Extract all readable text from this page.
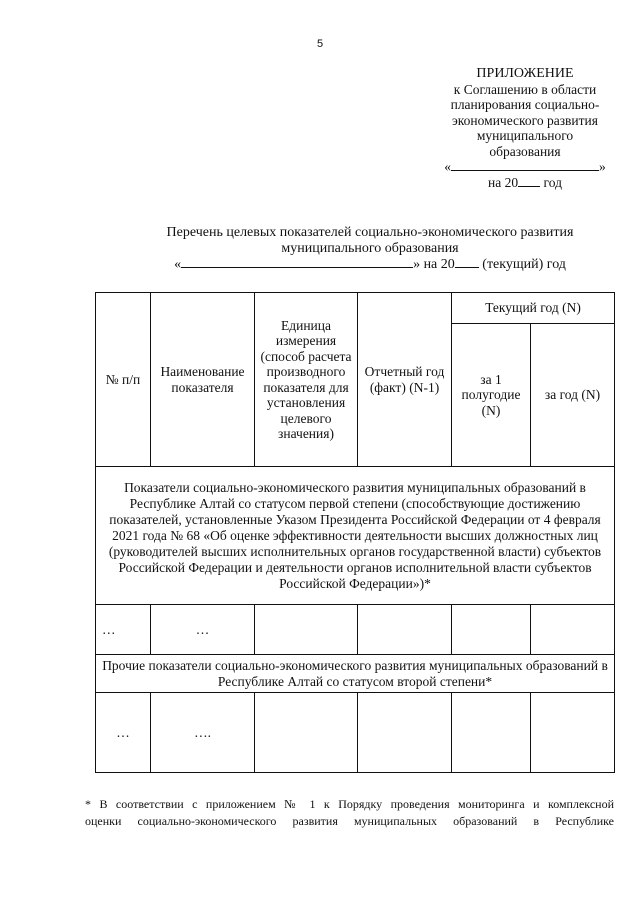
5
ПРИЛОЖЕНИЕ
к Соглашению в области
планирования социально-
экономического развития
муниципального
образования
«	»
на 20 год
Перечень целевых показателей социально-экономического развития
муниципального образования
«	» на 20 (текущий) год
№ п/п	Наименование показателя	Единица измерения (способ расчета производного показателя для установления целевого значения)	Отчетный год (факт) (N-1)	Текущий год (N)	
				за 1 полугодие (N)	за год (N)
Показатели социально-экономического развития муниципальных образований в Республике Алтай со статусом первой степени (способствующие достижению показателей, установленные Указом Президента Российской Федерации от 4 февраля 2021 года № 68 «Об оценке эффективности деятельности высших должностных лиц (руководителей высших исполнительных органов государственной власти) субъектов Российской Федерации и деятельности органов исполнительной власти субъектов Российской Федерации»)*					
…	…				
Прочие показатели социально-экономического развития муниципальных образований в Республике Алтай со статусом второй степени*					
…	….				
* В соответствии с приложением № 1 к Порядку проведения мониторинга и комплексной
оценки социально-экономического развития муниципальных образований в Республике
